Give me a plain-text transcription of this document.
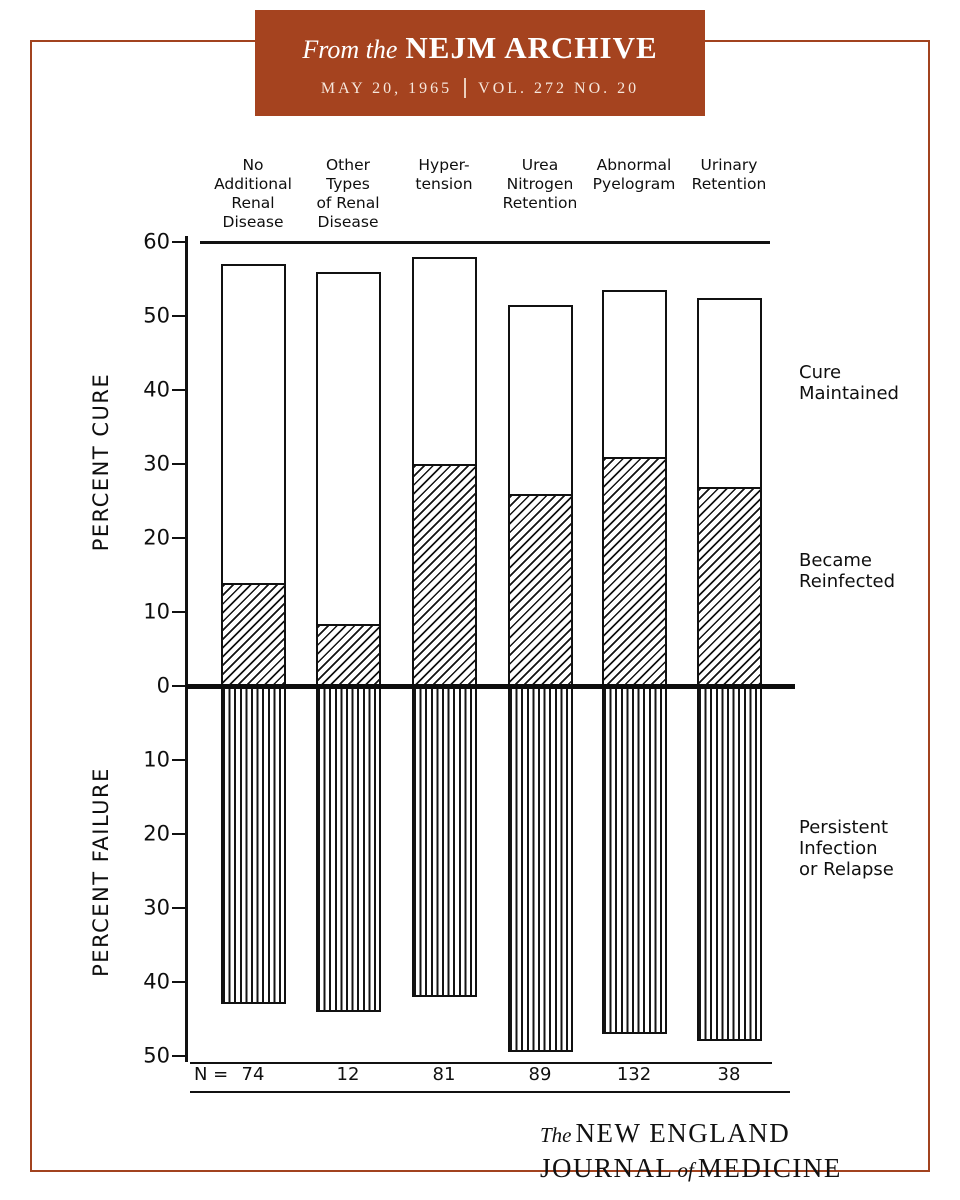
From the NEJM ARCHIVE
MAY 20, 1965 VOL. 272 NO. 20
PERCENT CURE
PERCENT FAILURE
60
50
40
30
20
10
0
10
20
30
40
50
No
Additional
Renal
Disease
Other
Types
of Renal
Disease
Hyper-
tension
Urea
Nitrogen
Retention
Abnormal
Pyelogram
Urinary
Retention
N = 74	12	81	89	132	38
Cure
Maintained
Became
Reinfected
Persistent
Infection
or Relapse
The NEW ENGLAND
JOURNAL of MEDICINE
